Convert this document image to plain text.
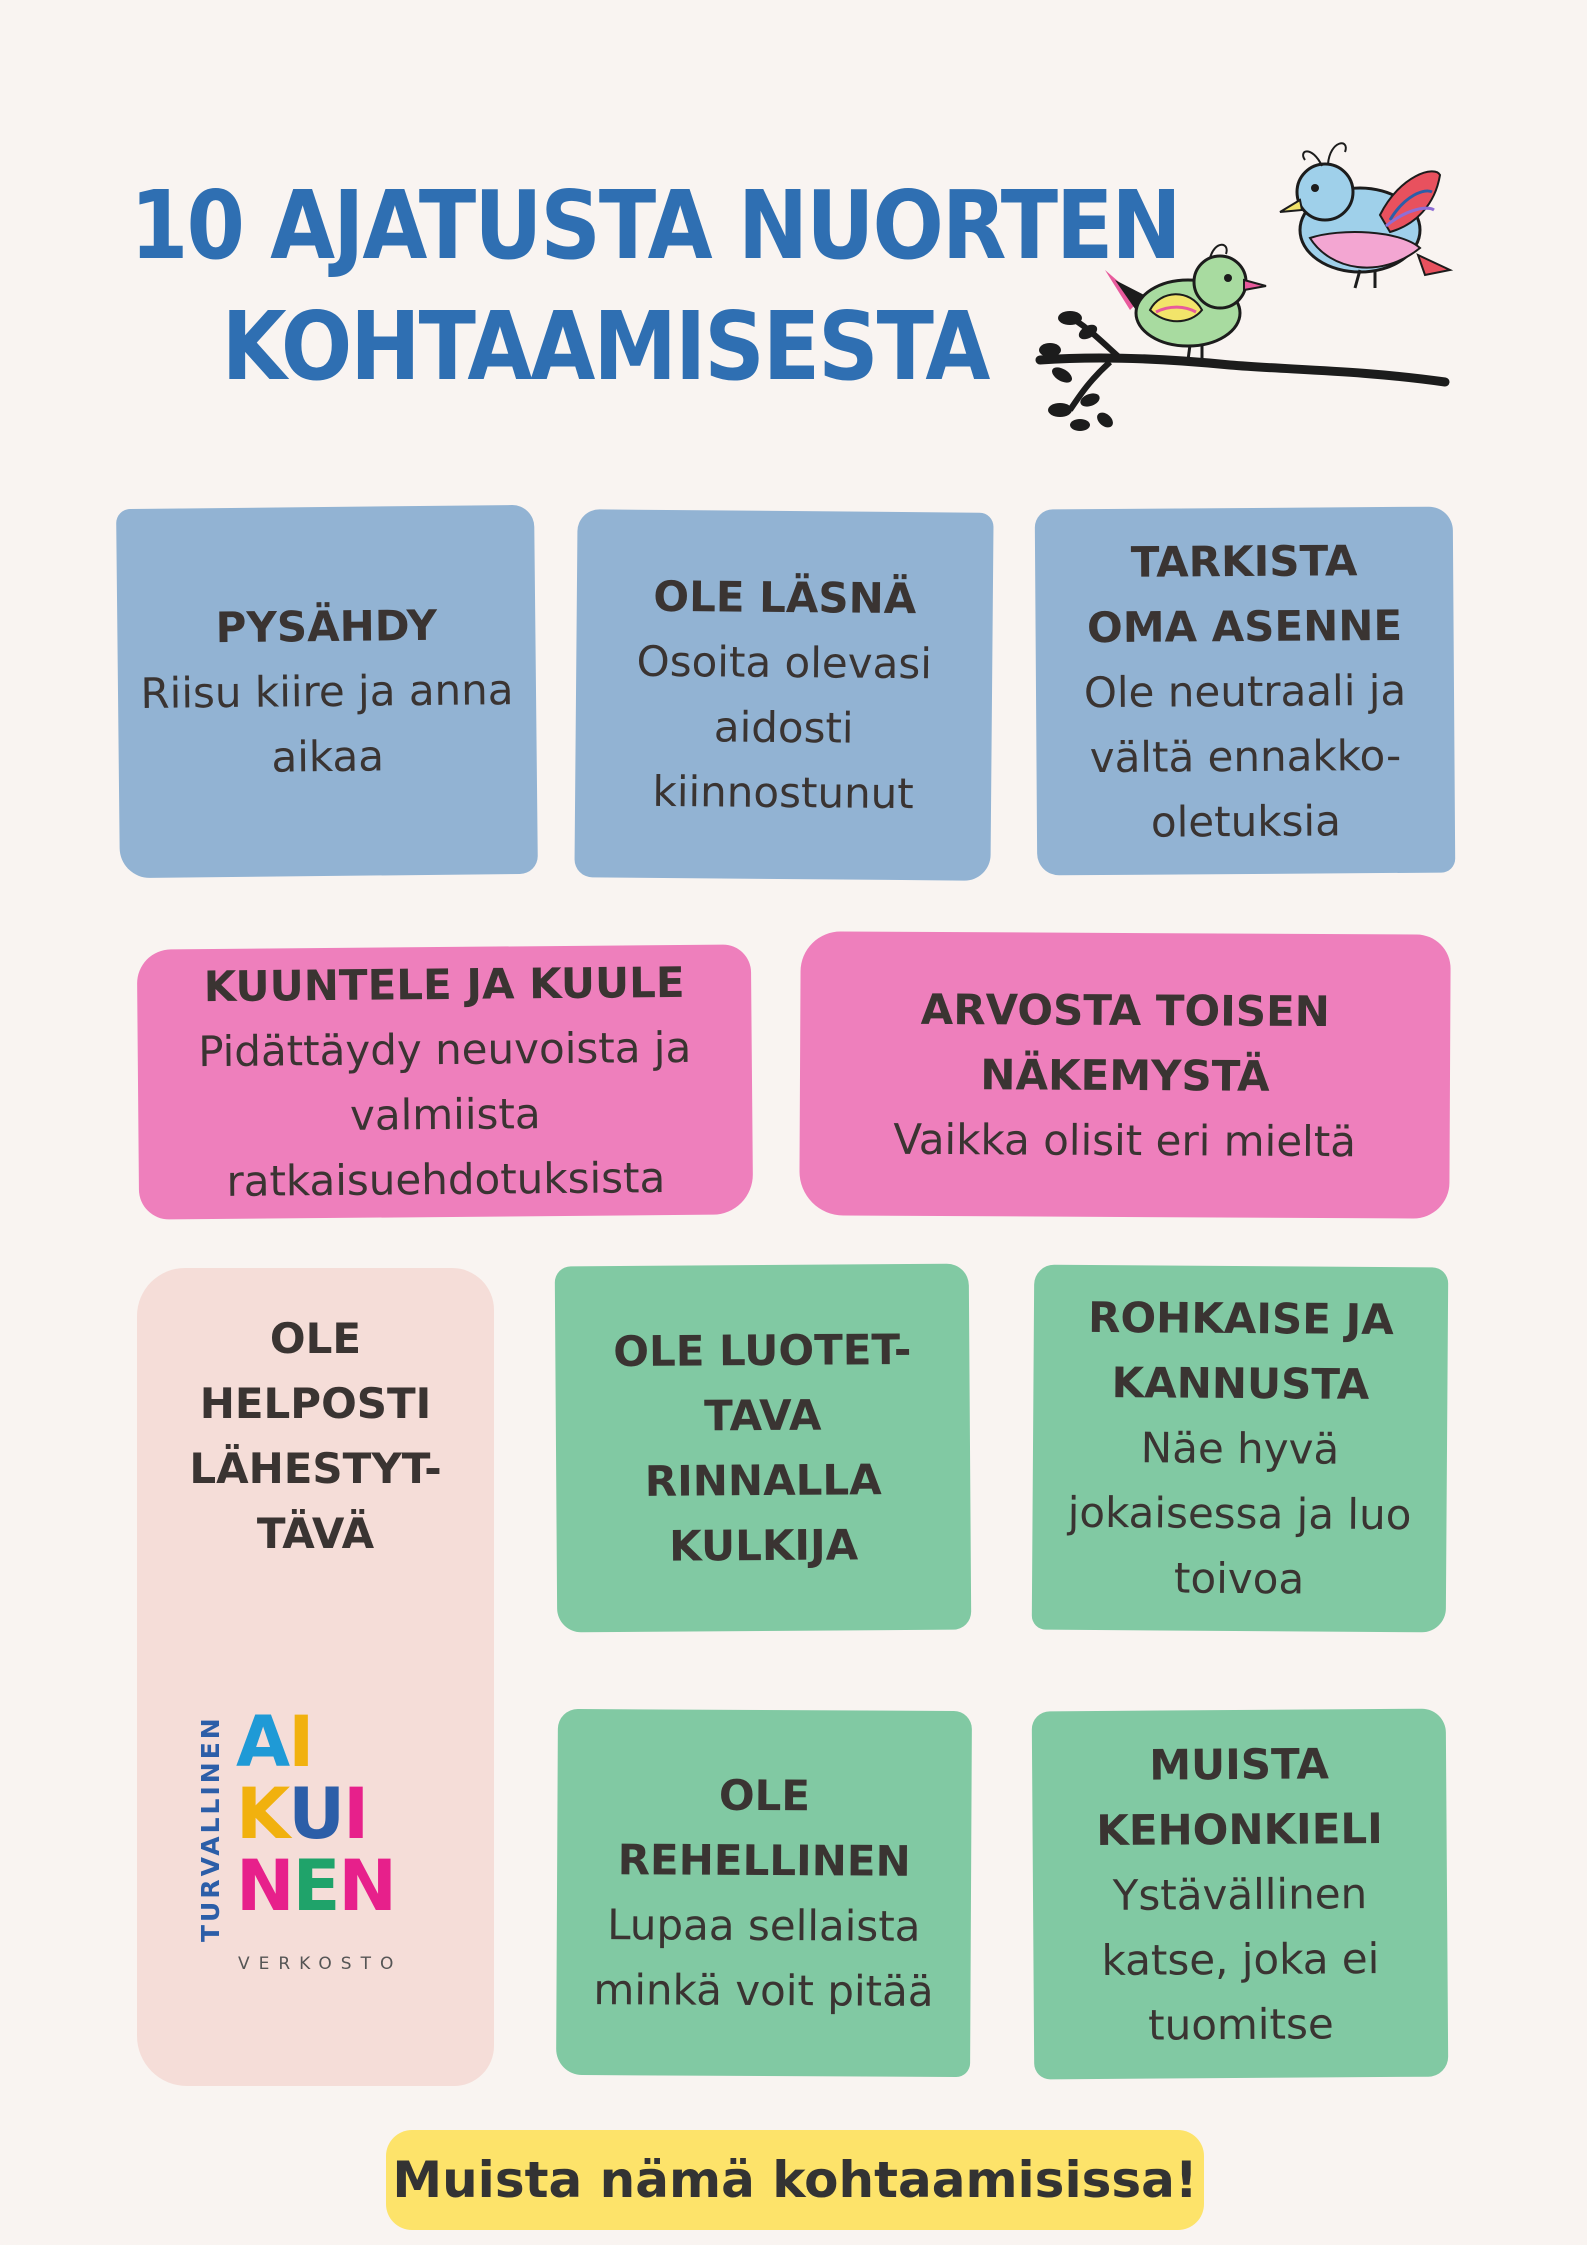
10 AJATUSTA NUORTEN
KOHTAAMISESTA
PYSÄHDY
Riisu kiire ja anna
aikaa
OLE LÄSNÄ
Osoita olevasi
aidosti
kiinnostunut
TARKISTA
OMA ASENNE
Ole neutraali ja
vältä ennakko-
oletuksia
KUUNTELE JA KUULE
Pidättäydy neuvoista ja
valmiista
ratkaisuehdotuksista
ARVOSTA TOISEN
NÄKEMYSTÄ
Vaikka olisit eri mieltä
OLE
HELPOSTI
LÄHESTYT-
TÄVÄ
OLE LUOTET-
TAVA
RINNALLA
KULKIJA
ROHKAISE JA
KANNUSTA
Näe hyvä
jokaisessa ja luo
toivoa
OLE
REHELLINEN
Lupaa sellaista
minkä voit pitää
MUISTA
KEHONKIELI
Ystävällinen
katse, joka ei
tuomitse
TURVALLINEN A I
K U I
N E N
VERKOSTO
Muista nämä kohtaamisissa!
